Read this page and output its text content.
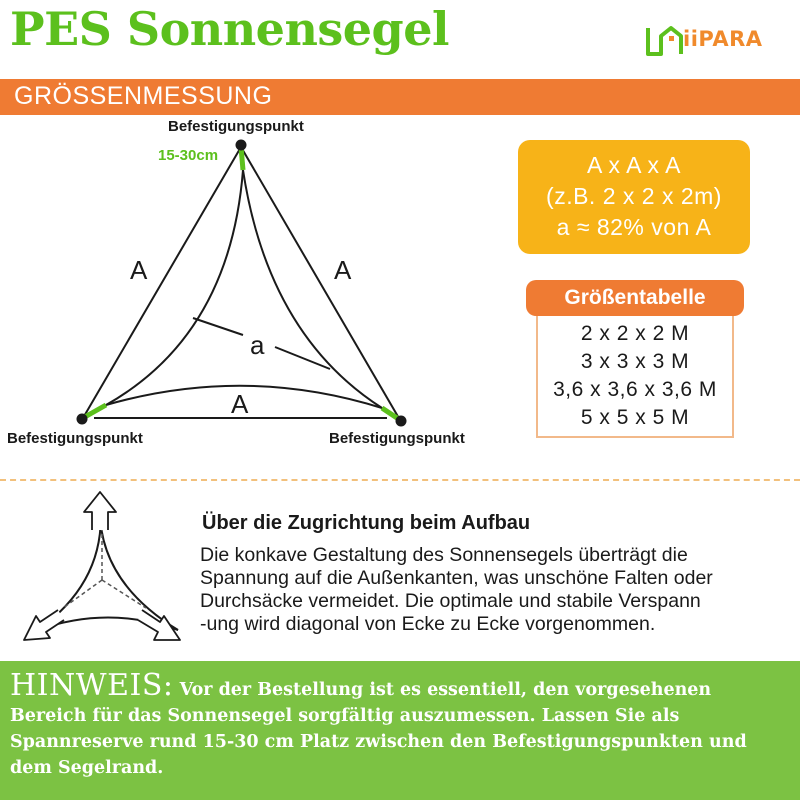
PES Sonnensegel	iiPARA
GRÖSSENMESSUNG
Befestigungspunkt
15-30cm
Befestigungspunkt	Befestigungspunkt
A	A
a
A
A x A x A
(z.B. 2 x 2 x 2m)
a ≈ 82% von A
Größentabelle
2 x 2 x 2 M
3 x 3 x 3 M
3,6 x 3,6 x 3,6 M
5 x 5 x 5 M
Über die Zugrichtung beim Aufbau
Die konkave Gestaltung des Sonnensegels überträgt die
Spannung auf die Außenkanten, was unschöne Falten oder
Durchsäcke vermeidet. Die optimale und stabile Verspann
-ung wird diagonal von Ecke zu Ecke vorgenommen.

HINWEIS: Vor der Bestellung ist es essentiell, den vorgesehenen Bereich für das Sonnensegel sorgfältig auszumessen. Lassen Sie als Spannreserve rund 15-30 cm Platz zwischen den Befestigungspunkten und dem Segelrand.
